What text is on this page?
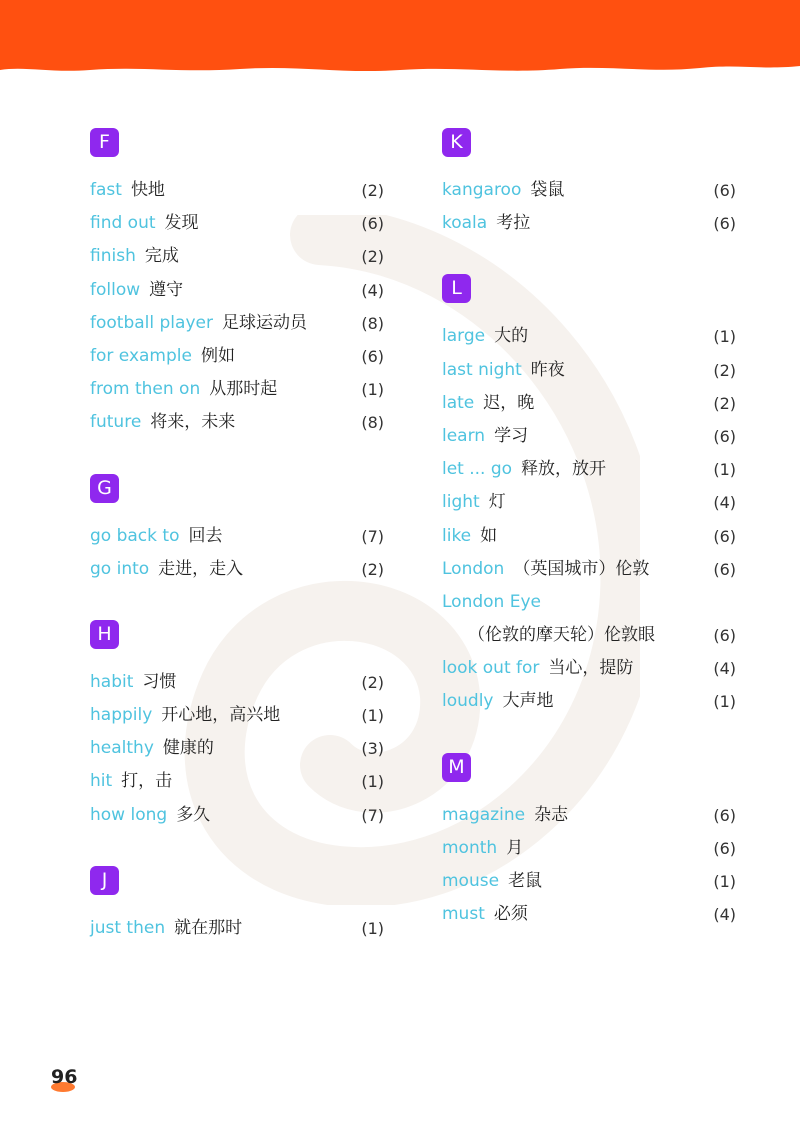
F
fast 快地	(2)
find out 发现	(6)
finish 完成	(2)
follow 遵守	(4)
football player 足球运动员	(8)
for example 例如	(6)
from then on 从那时起	(1)
future 将来，未来	(8)
G
go back to 回去	(7)
go into 走进，走入	(2)
H
habit 习惯	(2)
happily 开心地，高兴地	(1)
healthy 健康的	(3)
hit 打，击	(1)
how long 多久	(7)
J
just then 就在那时	(1)
K
kangaroo 袋鼠	(6)
koala 考拉	(6)
L
large 大的	(1)
last night 昨夜	(2)
late 迟，晚	(2)
learn 学习	(6)
let ... go 释放，放开	(1)
light 灯	(4)
like 如	(6)
London （英国城市）伦敦	(6)
London Eye
（伦敦的摩天轮）伦敦眼	(6)
look out for 当心，提防	(4)
loudly 大声地	(1)
M
magazine 杂志	(6)
month 月	(6)
mouse 老鼠	(1)
must 必须	(4)
96
